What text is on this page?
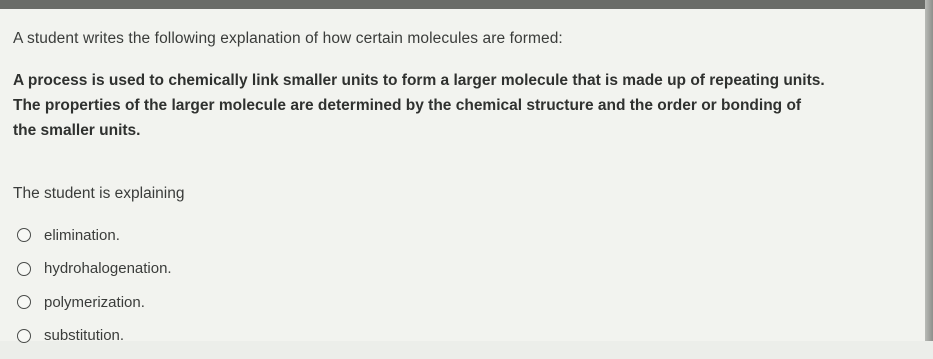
A student writes the following explanation of how certain molecules are formed:
A process is used to chemically link smaller units to form a larger molecule that is made up of repeating units.
The properties of the larger molecule are determined by the chemical structure and the order or bonding of
the smaller units.
The student is explaining
elimination.
hydrohalogenation.
polymerization.
substitution.
